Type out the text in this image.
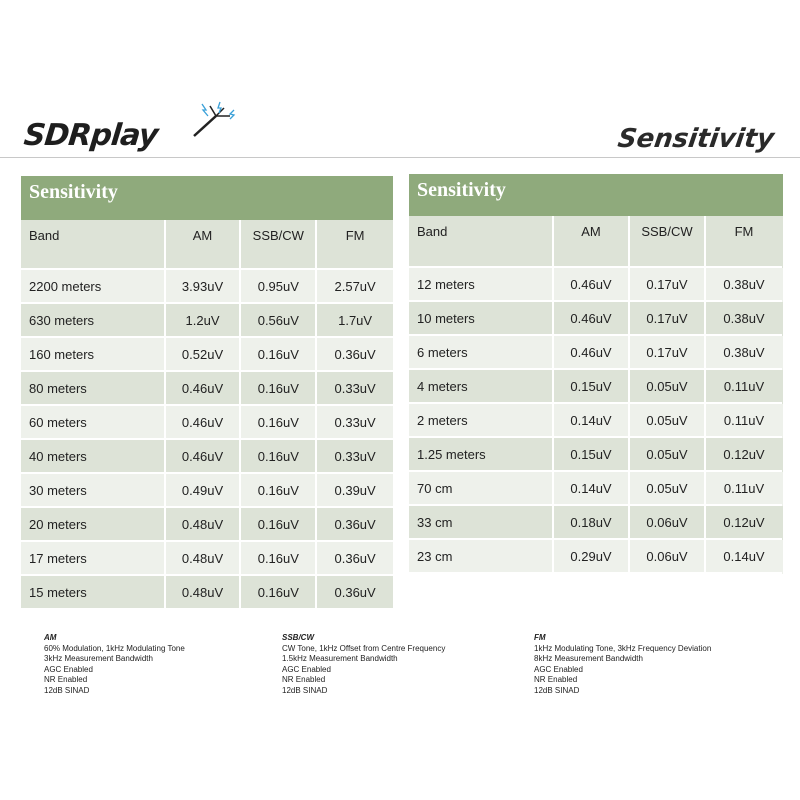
SDRplay	Sensitivity
Sensitivity
Band	AM	SSB/CW	FM
2200 meters	3.93uV	0.95uV	2.57uV
630 meters	1.2uV	0.56uV	1.7uV
160 meters	0.52uV	0.16uV	0.36uV
80 meters	0.46uV	0.16uV	0.33uV
60 meters	0.46uV	0.16uV	0.33uV
40 meters	0.46uV	0.16uV	0.33uV
30 meters	0.49uV	0.16uV	0.39uV
20 meters	0.48uV	0.16uV	0.36uV
17 meters	0.48uV	0.16uV	0.36uV
15 meters	0.48uV	0.16uV	0.36uV
Sensitivity
Band	AM	SSB/CW	FM
12 meters	0.46uV	0.17uV	0.38uV
10 meters	0.46uV	0.17uV	0.38uV
6 meters	0.46uV	0.17uV	0.38uV
4 meters	0.15uV	0.05uV	0.11uV
2 meters	0.14uV	0.05uV	0.11uV
1.25 meters	0.15uV	0.05uV	0.12uV
70 cm	0.14uV	0.05uV	0.11uV
33 cm	0.18uV	0.06uV	0.12uV
23 cm	0.29uV	0.06uV	0.14uV
AM
60% Modulation, 1kHz Modulating Tone
3kHz Measurement Bandwidth
AGC Enabled
NR Enabled
12dB SINAD
SSB/CW
CW Tone, 1kHz Offset from Centre Frequency
1.5kHz Measurement Bandwidth
AGC Enabled
NR Enabled
12dB SINAD
FM
1kHz Modulating Tone, 3kHz Frequency Deviation
8kHz Measurement Bandwidth
AGC Enabled
NR Enabled
12dB SINAD
